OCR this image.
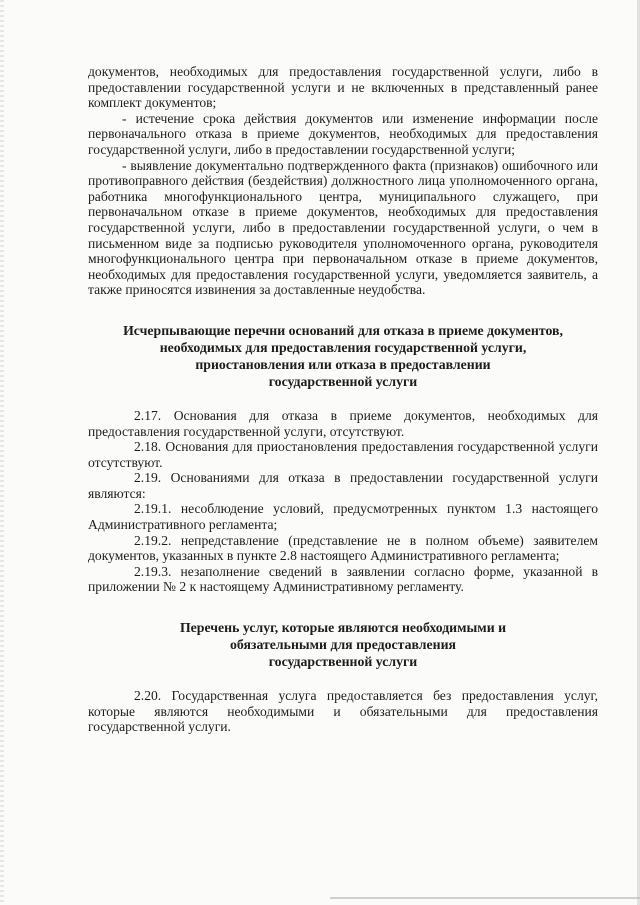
документов, необходимых для предоставления государственной услуги, либо в предоставлении государственной услуги и не включенных в представленный ранее комплект документов;

- истечение срока действия документов или изменение информации после первоначального отказа в приеме документов, необходимых для предоставления государственной услуги, либо в предоставлении государственной услуги;

- выявление документально подтвержденного факта (признаков) ошибочного или противоправного действия (бездействия) должностного лица уполномоченного органа, работника многофункционального центра, муниципального служащего, при первоначальном отказе в приеме документов, необходимых для предоставления государственной услуги, либо в предоставлении государственной услуги, о чем в письменном виде за подписью руководителя уполномоченного органа, руководителя многофункционального центра при первоначальном отказе в приеме документов, необходимых для предоставления государственной услуги, уведомляется заявитель, а также приносятся извинения за доставленные неудобства.

Исчерпывающие перечни оснований для отказа в приеме документов,

необходимых для предоставления государственной услуги,

приостановления или отказа в предоставлении

государственной услуги

2.17. Основания для отказа в приеме документов, необходимых для предоставления государственной услуги, отсутствуют.

2.18. Основания для приостановления предоставления государственной услуги отсутствуют.

2.19. Основаниями для отказа в предоставлении государственной услуги являются:

2.19.1. несоблюдение условий, предусмотренных пунктом 1.3 настоящего Административного регламента;

2.19.2. непредставление (представление не в полном объеме) заявителем документов, указанных в пункте 2.8 настоящего Административного регламента;

2.19.3. незаполнение сведений в заявлении согласно форме, указанной в приложении № 2 к настоящему Административному регламенту.

Перечень услуг, которые являются необходимыми и

обязательными для предоставления

государственной услуги

2.20. Государственная услуга предоставляется без предоставления услуг, которые являются необходимыми и обязательными для предоставления государственной услуги.
